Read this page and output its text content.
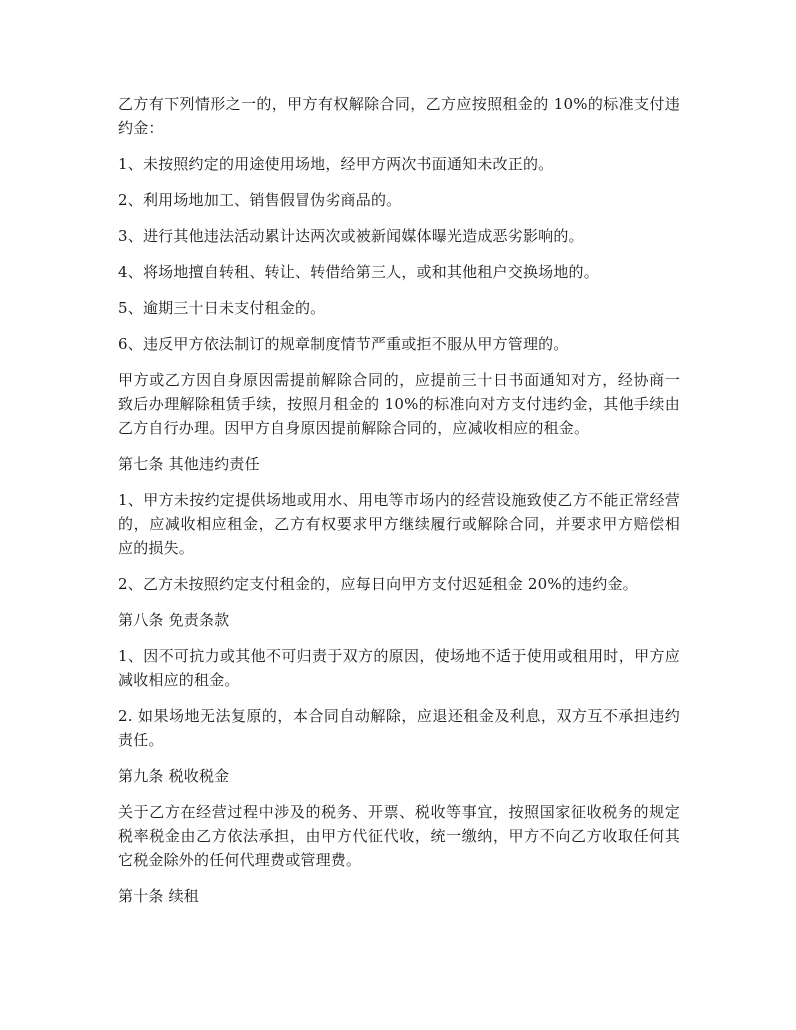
乙方有下列情形之一的，甲方有权解除合同，乙方应按照租金的 10%的标准支付违约金：

1、未按照约定的用途使用场地，经甲方两次书面通知未改正的。

2、利用场地加工、销售假冒伪劣商品的。

3、进行其他违法活动累计达两次或被新闻媒体曝光造成恶劣影响的。

4、将场地擅自转租、转让、转借给第三人，或和其他租户交换场地的。

5、逾期三十日未支付租金的。

6、违反甲方依法制订的规章制度情节严重或拒不服从甲方管理的。

甲方或乙方因自身原因需提前解除合同的，应提前三十日书面通知对方，经协商一致后办理解除租赁手续，按照月租金的 10%的标准向对方支付违约金，其他手续由乙方自行办理。因甲方自身原因提前解除合同的，应减收相应的租金。

第七条 其他违约责任

1、甲方未按约定提供场地或用水、用电等市场内的经营设施致使乙方不能正常经营的，应减收相应租金，乙方有权要求甲方继续履行或解除合同，并要求甲方赔偿相应的损失。

2、乙方未按照约定支付租金的，应每日向甲方支付迟延租金 20%的违约金。

第八条 免责条款

1、因不可抗力或其他不可归责于双方的原因，使场地不适于使用或租用时，甲方应减收相应的租金。

2. 如果场地无法复原的，本合同自动解除，应退还租金及利息，双方互不承担违约责任。

第九条 税收税金

关于乙方在经营过程中涉及的税务、开票、税收等事宜，按照国家征收税务的规定税率税金由乙方依法承担，由甲方代征代收，统一缴纳，甲方不向乙方收取任何其它税金除外的任何代理费或管理费。

第十条 续租
